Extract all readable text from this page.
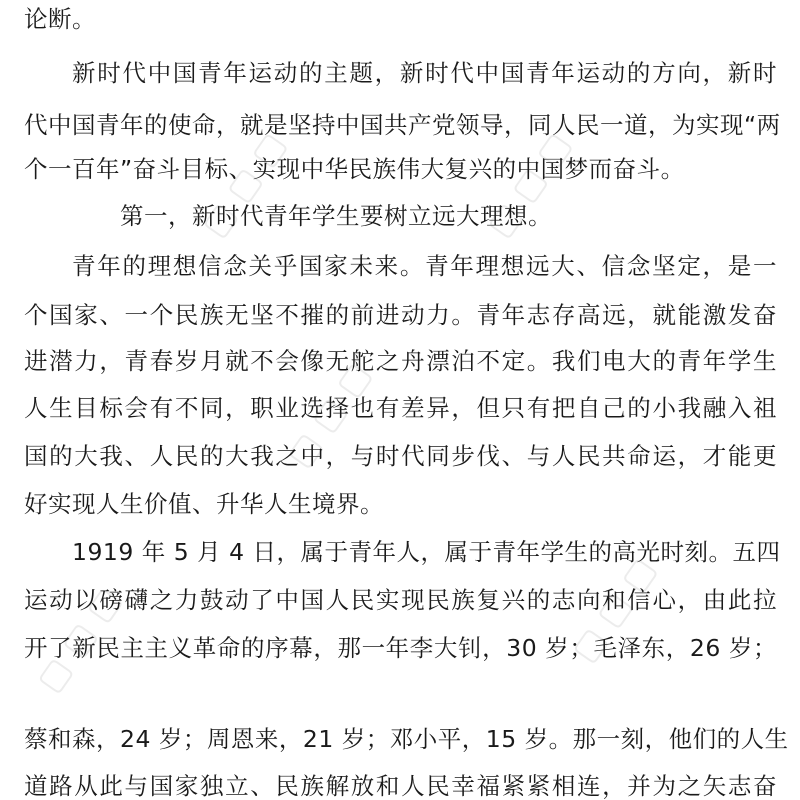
▢ ▢ ▢	▢ ▢ ▢
▢ ▢ ▢
▢ ▢ ▢	▢ ▢ ▢
论断。
新时代中国青年运动的主题，新时代中国青年运动的方向，新时
代中国青年的使命，就是坚持中国共产党领导，同人民一道，为实现“两
个一百年”奋斗目标、实现中华民族伟大复兴的中国梦而奋斗。
第一，新时代青年学生要树立远大理想。
青年的理想信念关乎国家未来。青年理想远大、信念坚定，是一
个国家、一个民族无坚不摧的前进动力。青年志存高远，就能激发奋
进潜力，青春岁月就不会像无舵之舟漂泊不定。我们电大的青年学生
人生目标会有不同，职业选择也有差异，但只有把自己的小我融入祖
国的大我、人民的大我之中，与时代同步伐、与人民共命运，才能更
好实现人生价值、升华人生境界。
1919 年 5 月 4 日，属于青年人，属于青年学生的高光时刻。五四
运动以磅礴之力鼓动了中国人民实现民族复兴的志向和信心，由此拉
开了新民主主义革命的序幕，那一年李大钊，30 岁；毛泽东，26 岁；
蔡和森，24 岁；周恩来，21 岁；邓小平，15 岁。那一刻，他们的人生
道路从此与国家独立、民族解放和人民幸福紧紧相连，并为之矢志奋
